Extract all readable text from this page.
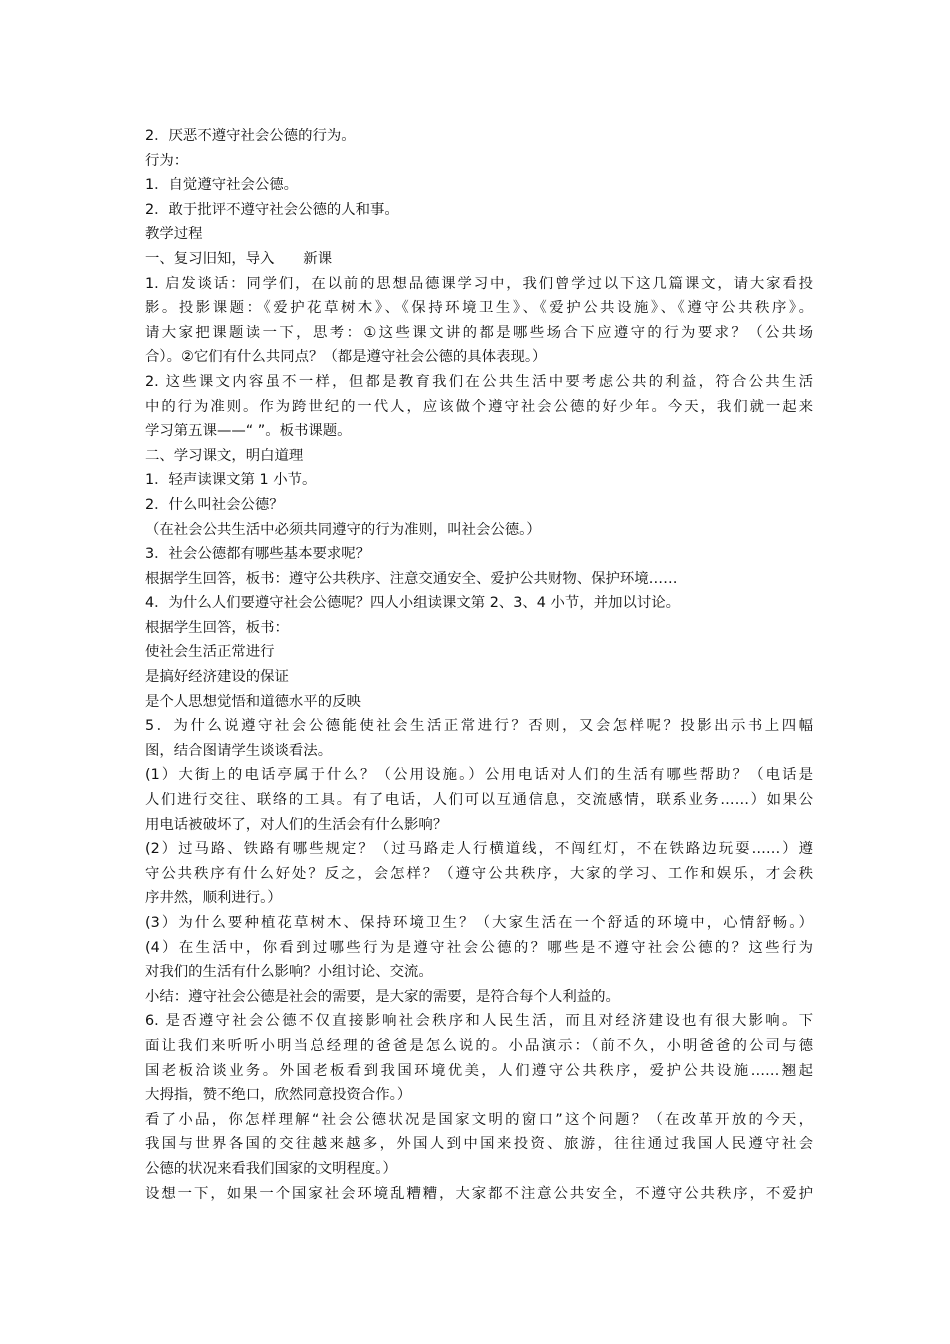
2．厌恶不遵守社会公德的行为。
行为：
1．自觉遵守社会公德。
2．敢于批评不遵守社会公德的人和事。
教学过程
一、复习旧知，导入　　新课
1. 启发谈话：同学们，在以前的思想品德课学习中，我们曾学过以下这几篇课文，请大家看投
影。投影课题：《爱护花草树木》、《保持环境卫生》、《爱护公共设施》、《遵守公共秩序》。
请大家把课题读一下，思考：①这些课文讲的都是哪些场合下应遵守的行为要求？（公共场
合）。②它们有什么共同点？（都是遵守社会公德的具体表现。）
2. 这些课文内容虽不一样，但都是教育我们在公共生活中要考虑公共的利益，符合公共生活
中的行为准则。作为跨世纪的一代人，应该做个遵守社会公德的好少年。今天，我们就一起来
学习第五课——“ ”。板书课题。
二、学习课文，明白道理
1．轻声读课文第 1 小节。
2．什么叫社会公德？
（在社会公共生活中必须共同遵守的行为准则，叫社会公德。）
3．社会公德都有哪些基本要求呢？
根据学生回答，板书：遵守公共秩序、注意交通安全、爱护公共财物、保护环境……
4．为什么人们要遵守社会公德呢？四人小组读课文第 2、3、4 小节，并加以讨论。
根据学生回答，板书：
使社会生活正常进行
是搞好经济建设的保证
是个人思想觉悟和道德水平的反映
5．为什么说遵守社会公德能使社会生活正常进行？否则，又会怎样呢？投影出示书上四幅
图，结合图请学生谈谈看法。
(1）大街上的电话亭属于什么？（公用设施。）公用电话对人们的生活有哪些帮助？（电话是
人们进行交往、联络的工具。有了电话，人们可以互通信息，交流感情，联系业务……）如果公
用电话被破坏了，对人们的生活会有什么影响？
(2）过马路、铁路有哪些规定？（过马路走人行横道线，不闯红灯，不在铁路边玩耍……）遵
守公共秩序有什么好处？反之，会怎样？（遵守公共秩序，大家的学习、工作和娱乐，才会秩
序井然，顺利进行。）
(3）为什么要种植花草树木、保持环境卫生？（大家生活在一个舒适的环境中，心情舒畅。）
(4）在生活中，你看到过哪些行为是遵守社会公德的？哪些是不遵守社会公德的？这些行为
对我们的生活有什么影响？小组讨论、交流。
小结：遵守社会公德是社会的需要，是大家的需要，是符合每个人利益的。
6. 是否遵守社会公德不仅直接影响社会秩序和人民生活，而且对经济建设也有很大影响。下
面让我们来听听小明当总经理的爸爸是怎么说的。小品演示：（前不久，小明爸爸的公司与德
国老板洽谈业务。外国老板看到我国环境优美，人们遵守公共秩序，爱护公共设施……翘起
大拇指，赞不绝口，欣然同意投资合作。）
看了小品，你怎样理解“社会公德状况是国家文明的窗口”这个问题？（在改革开放的今天，
我国与世界各国的交往越来越多，外国人到中国来投资、旅游，往往通过我国人民遵守社会
公德的状况来看我们国家的文明程度。）
设想一下，如果一个国家社会环境乱糟糟，大家都不注意公共安全，不遵守公共秩序，不爱护
